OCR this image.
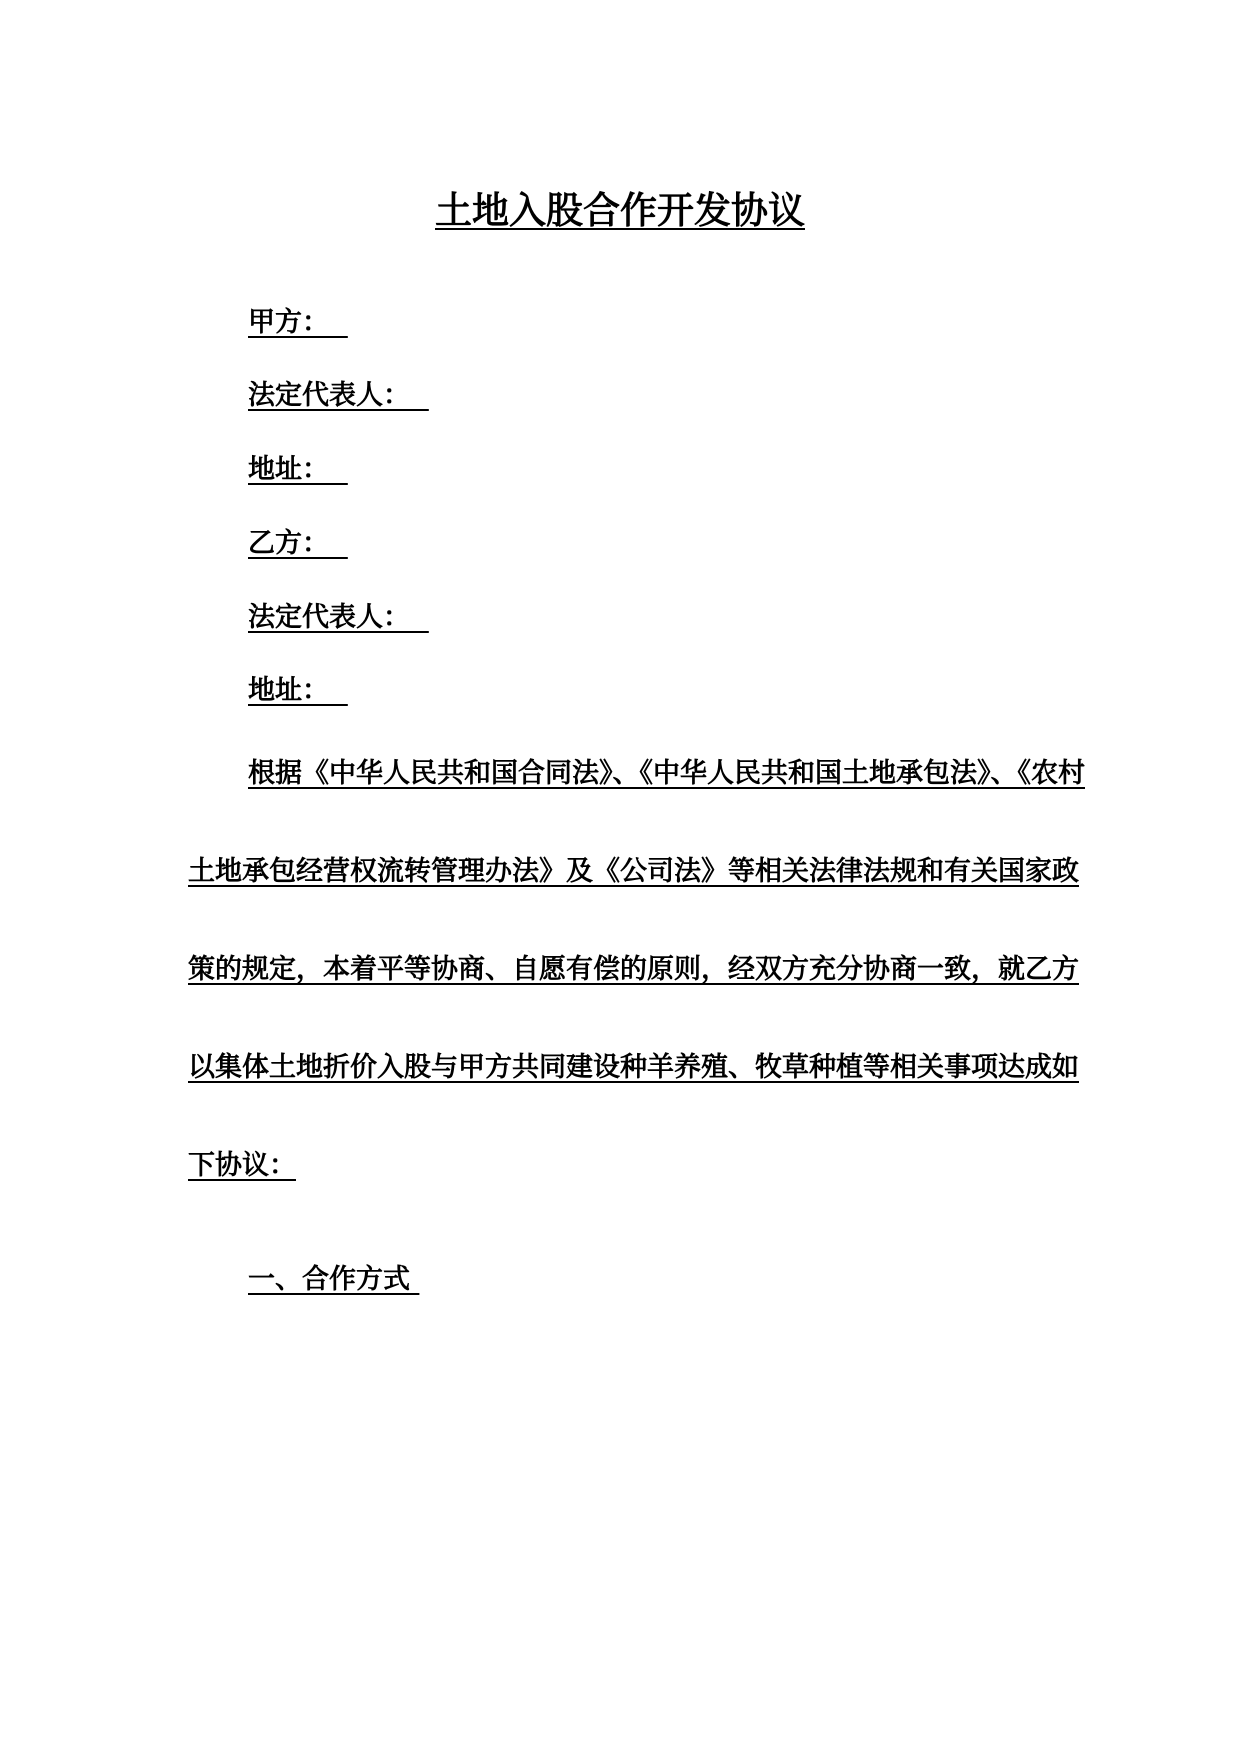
土地入股合作开发协议

甲方：

法定代表人：

地址：

乙方：

法定代表人：

地址：

根据《中华人民共和国合同法》、《中华人民共和国土地承包法》、《农村土地承包经营权流转管理办法》及《公司法》等相关法律法规和有关国家政策的规定，本着平等协商、自愿有偿的原则，经双方充分协商一致，就乙方以集体土地折价入股与甲方共同建设种羊养殖、牧草种植等相关事项达成如下协议：

一、合作方式
